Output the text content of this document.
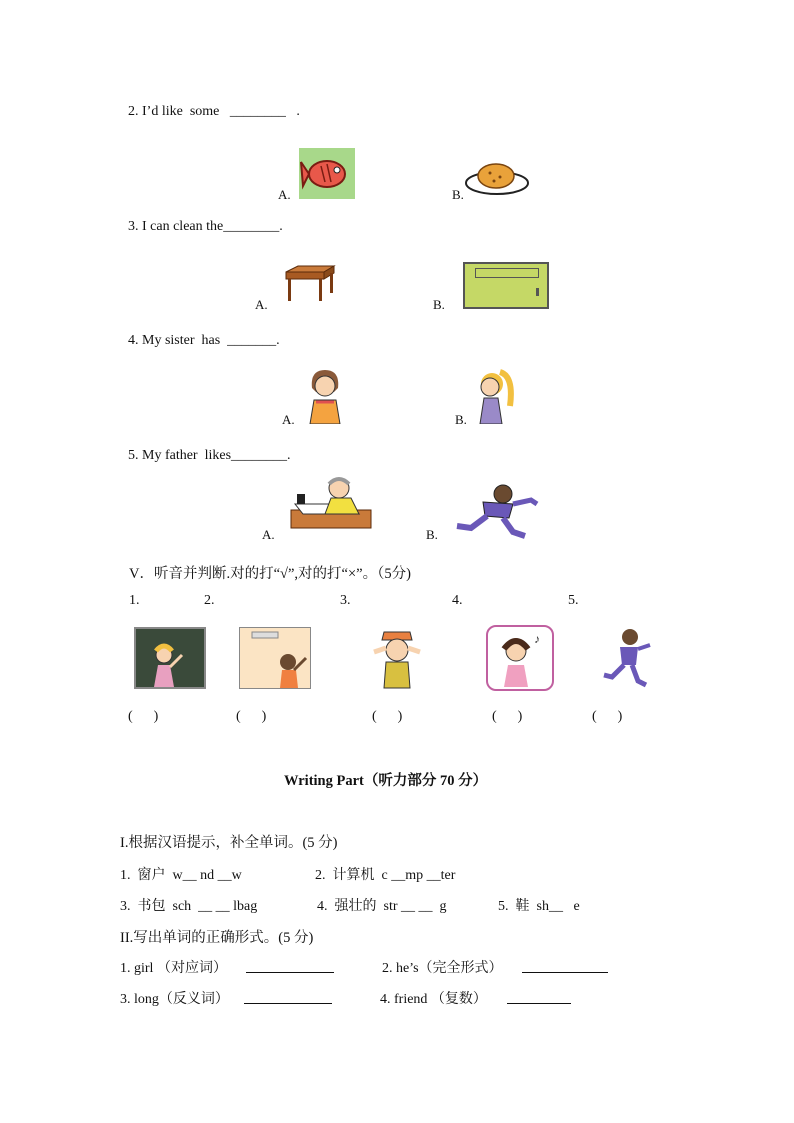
2. I’d like  some   ________   .
A.	B.
3. I can clean the________.
A.	B.
4. My sister  has  _______.
A.	B.
5. My father  likes________.
A.	B.
V．听音并判断.对的打“√”,对的打“×”。（5分)
1.	2.	3.	4.	5.
♪
(      )	(      )	(      )	(      )	(      )
Writing Part（听力部分 70 分）
I.根据汉语提示，补全单词。(5 分)
1.  窗户  w__ nd __w	2.  计算机  c __mp __ter
3.  书包  sch  __ __ lbag	4.  强壮的  str __ __  g	5.  鞋  sh__   e
II.写出单词的正确形式。(5 分)
1. girl （对应词）	2. he’s（完全形式）
3. long（反义词）	4. friend （复数）
